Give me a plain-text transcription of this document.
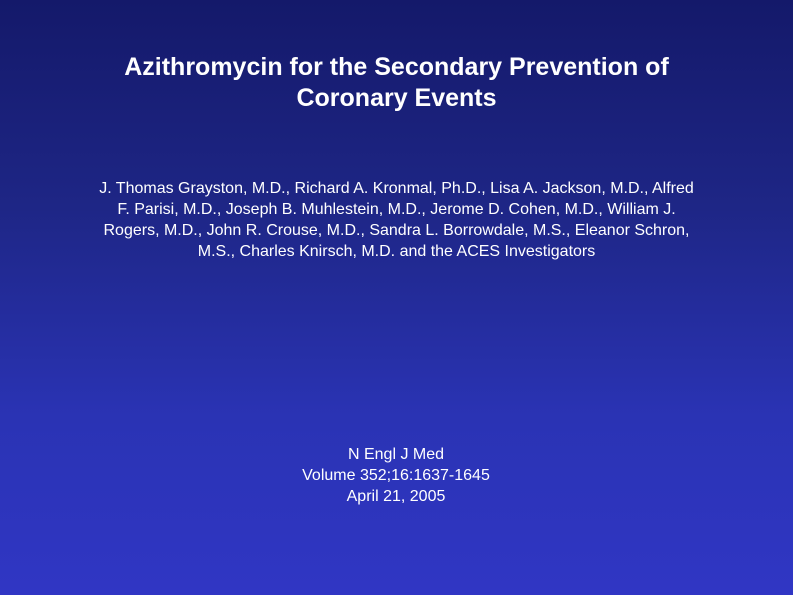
Azithromycin for the Secondary Prevention of
Coronary Events
J. Thomas Grayston, M.D., Richard A. Kronmal, Ph.D., Lisa A. Jackson, M.D., Alfred
F. Parisi, M.D., Joseph B. Muhlestein, M.D., Jerome D. Cohen, M.D., William J.
Rogers, M.D., John R. Crouse, M.D., Sandra L. Borrowdale, M.S., Eleanor Schron,
M.S., Charles Knirsch, M.D. and the ACES Investigators
N Engl J Med
Volume 352;16:1637-1645
April 21, 2005
